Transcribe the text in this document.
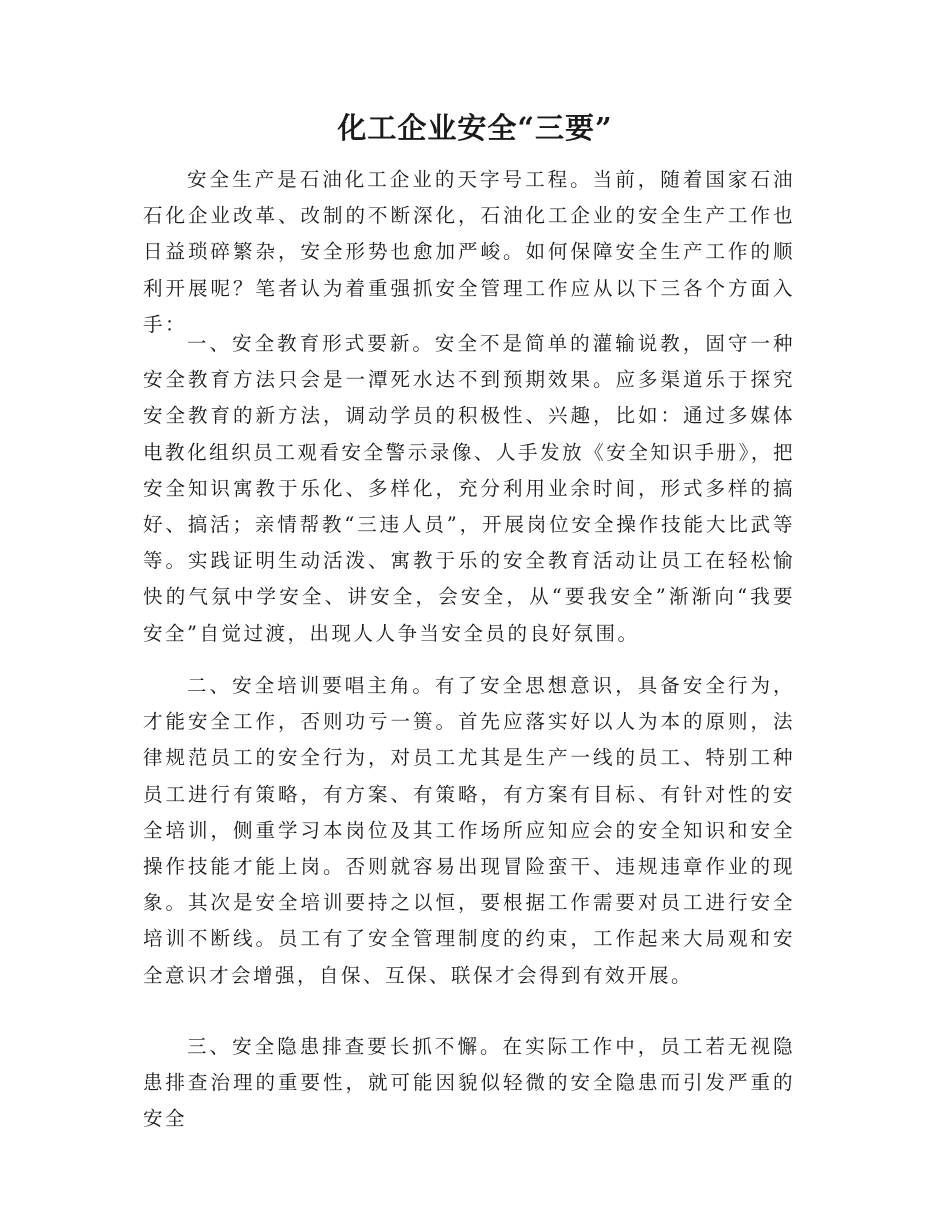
化工企业安全“三要”

安全生产是石油化工企业的天字号工程。当前，随着国家石油石化企业改革、改制的不断深化，石油化工企业的安全生产工作也日益琐碎繁杂，安全形势也愈加严峻。如何保障安全生产工作的顺利开展呢？笔者认为着重强抓安全管理工作应从以下三各个方面入手：

一、安全教育形式要新。安全不是简单的灌输说教，固守一种安全教育方法只会是一潭死水达不到预期效果。应多渠道乐于探究安全教育的新方法，调动学员的积极性、兴趣，比如：通过多媒体电教化组织员工观看安全警示录像、人手发放《安全知识手册》，把安全知识寓教于乐化、多样化，充分利用业余时间，形式多样的搞好、搞活；亲情帮教“三违人员”，开展岗位安全操作技能大比武等等。实践证明生动活泼、寓教于乐的安全教育活动让员工在轻松愉快的气氛中学安全、讲安全，会安全，从“要我安全”渐渐向“我要安全”自觉过渡，出现人人争当安全员的良好氛围。

二、安全培训要唱主角。有了安全思想意识，具备安全行为，才能安全工作，否则功亏一篑。首先应落实好以人为本的原则，法律规范员工的安全行为，对员工尤其是生产一线的员工、特别工种员工进行有策略，有方案、有策略，有方案有目标、有针对性的安全培训，侧重学习本岗位及其工作场所应知应会的安全知识和安全操作技能才能上岗。否则就容易出现冒险蛮干、违规违章作业的现象。其次是安全培训要持之以恒，要根据工作需要对员工进行安全培训不断线。员工有了安全管理制度的约束，工作起来大局观和安全意识才会增强，自保、互保、联保才会得到有效开展。

三、安全隐患排查要长抓不懈。在实际工作中，员工若无视隐患排查治理的重要性，就可能因貌似轻微的安全隐患而引发严重的安全
